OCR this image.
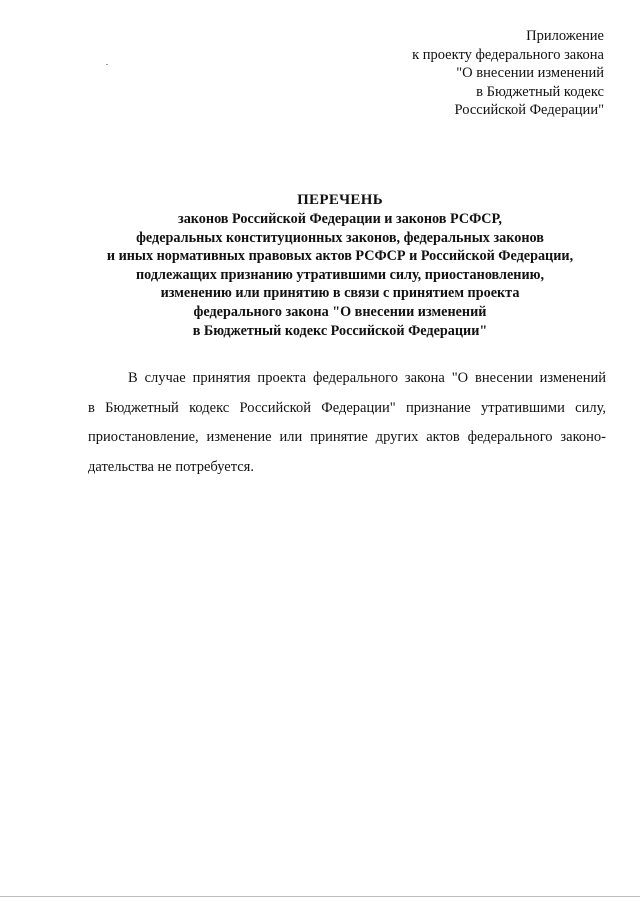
Приложение
к проекту федерального закона
"О внесении изменений
в Бюджетный кодекс
Российской Федерации"
ПЕРЕЧЕНЬ
законов Российской Федерации и законов РСФСР,
федеральных конституционных законов, федеральных законов
и иных нормативных правовых актов РСФСР и Российской Федерации,
подлежащих признанию утратившими силу, приостановлению,
изменению или принятию в связи с принятием проекта
федерального закона "О внесении изменений
в Бюджетный кодекс Российской Федерации"
В случае принятия проекта федерального закона "О внесении изменений
в Бюджетный кодекс Российской Федерации" признание утратившими силу,
приостановление, изменение или принятие других актов федерального законо-
дательства не потребуется.
